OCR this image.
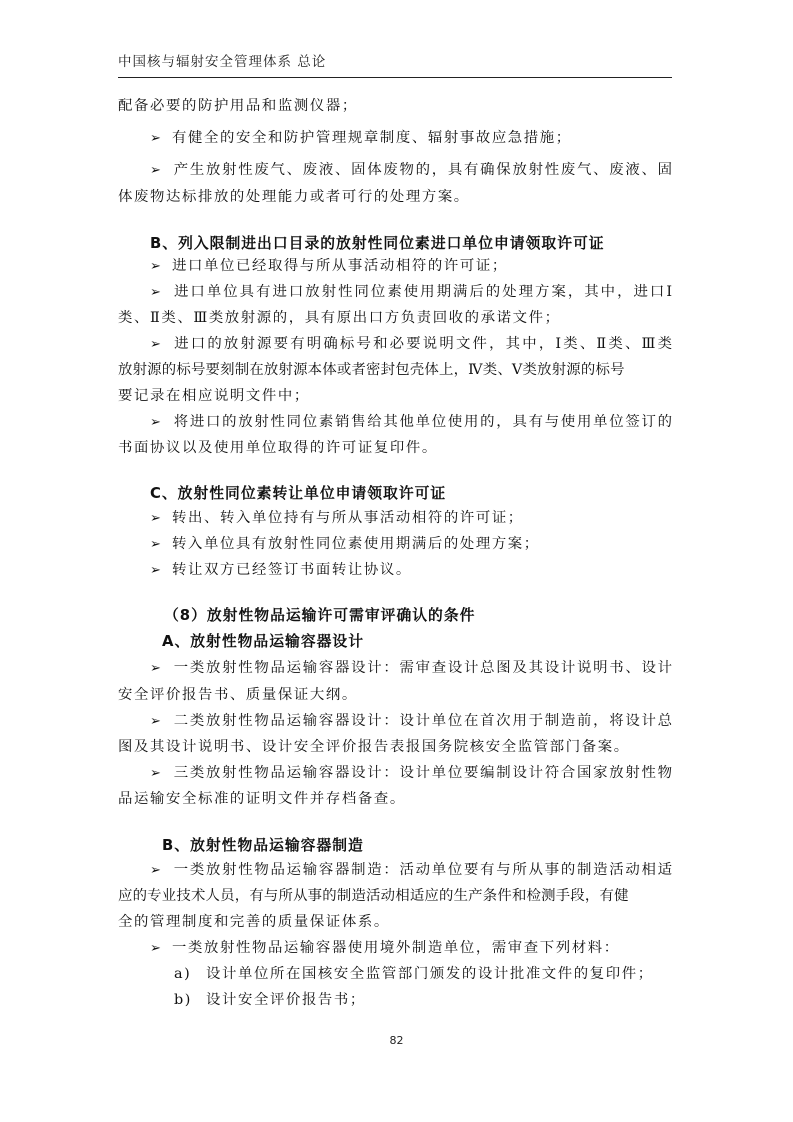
中国核与辐射安全管理体系 总论
配备必要的防护用品和监测仪器；
➢ 有健全的安全和防护管理规章制度、辐射事故应急措施；
➢ 产生放射性废气、废液、固体废物的，具有确保放射性废气、废液、固
体废物达标排放的处理能力或者可行的处理方案。
B、列入限制进出口目录的放射性同位素进口单位申请领取许可证
➢ 进口单位已经取得与所从事活动相符的许可证；
➢ 进口单位具有进口放射性同位素使用期满后的处理方案，其中，进口Ⅰ
类、Ⅱ类、Ⅲ类放射源的，具有原出口方负责回收的承诺文件；
➢ 进口的放射源要有明确标号和必要说明文件，其中，Ⅰ类、Ⅱ类、Ⅲ类
放射源的标号要刻制在放射源本体或者密封包壳体上，Ⅳ类、Ⅴ类放射源的标号
要记录在相应说明文件中；
➢ 将进口的放射性同位素销售给其他单位使用的，具有与使用单位签订的
书面协议以及使用单位取得的许可证复印件。
C、放射性同位素转让单位申请领取许可证
➢ 转出、转入单位持有与所从事活动相符的许可证；
➢ 转入单位具有放射性同位素使用期满后的处理方案；
➢ 转让双方已经签订书面转让协议。
（8）放射性物品运输许可需审评确认的条件
A、放射性物品运输容器设计
➢ 一类放射性物品运输容器设计：需审查设计总图及其设计说明书、设计
安全评价报告书、质量保证大纲。
➢ 二类放射性物品运输容器设计：设计单位在首次用于制造前，将设计总
图及其设计说明书、设计安全评价报告表报国务院核安全监管部门备案。
➢ 三类放射性物品运输容器设计：设计单位要编制设计符合国家放射性物
品运输安全标准的证明文件并存档备查。
B、放射性物品运输容器制造
➢ 一类放射性物品运输容器制造：活动单位要有与所从事的制造活动相适
应的专业技术人员，有与所从事的制造活动相适应的生产条件和检测手段，有健
全的管理制度和完善的质量保证体系。
➢ 一类放射性物品运输容器使用境外制造单位，需审查下列材料：
a) 设计单位所在国核安全监管部门颁发的设计批准文件的复印件；
b) 设计安全评价报告书；
82
